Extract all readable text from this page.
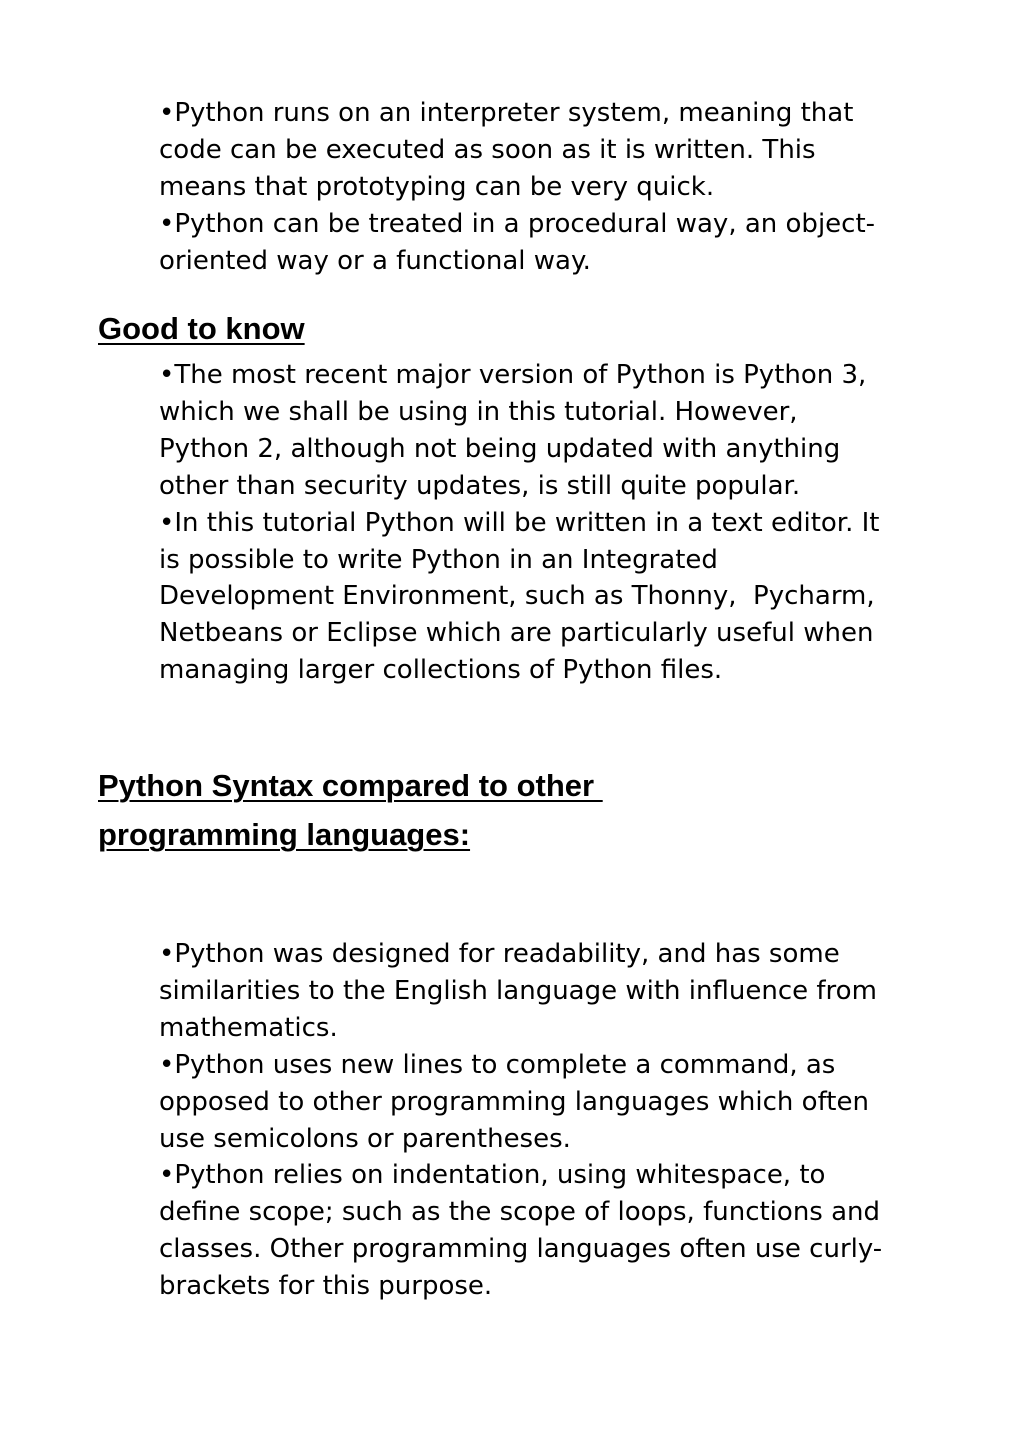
•Python runs on an interpreter system, meaning that
code can be executed as soon as it is written. This
means that prototyping can be very quick.
•Python can be treated in a procedural way, an object-
oriented way or a functional way.
Good to know
•The most recent major version of Python is Python 3,
which we shall be using in this tutorial. However,
Python 2, although not being updated with anything
other than security updates, is still quite popular.
•In this tutorial Python will be written in a text editor. It
is possible to write Python in an Integrated
Development Environment, such as Thonny,  Pycharm,
Netbeans or Eclipse which are particularly useful when
managing larger collections of Python files.
Python Syntax compared to other
programming languages:
•Python was designed for readability, and has some
similarities to the English language with influence from
mathematics.
•Python uses new lines to complete a command, as
opposed to other programming languages which often
use semicolons or parentheses.
•Python relies on indentation, using whitespace, to
define scope; such as the scope of loops, functions and
classes. Other programming languages often use curly-
brackets for this purpose.
